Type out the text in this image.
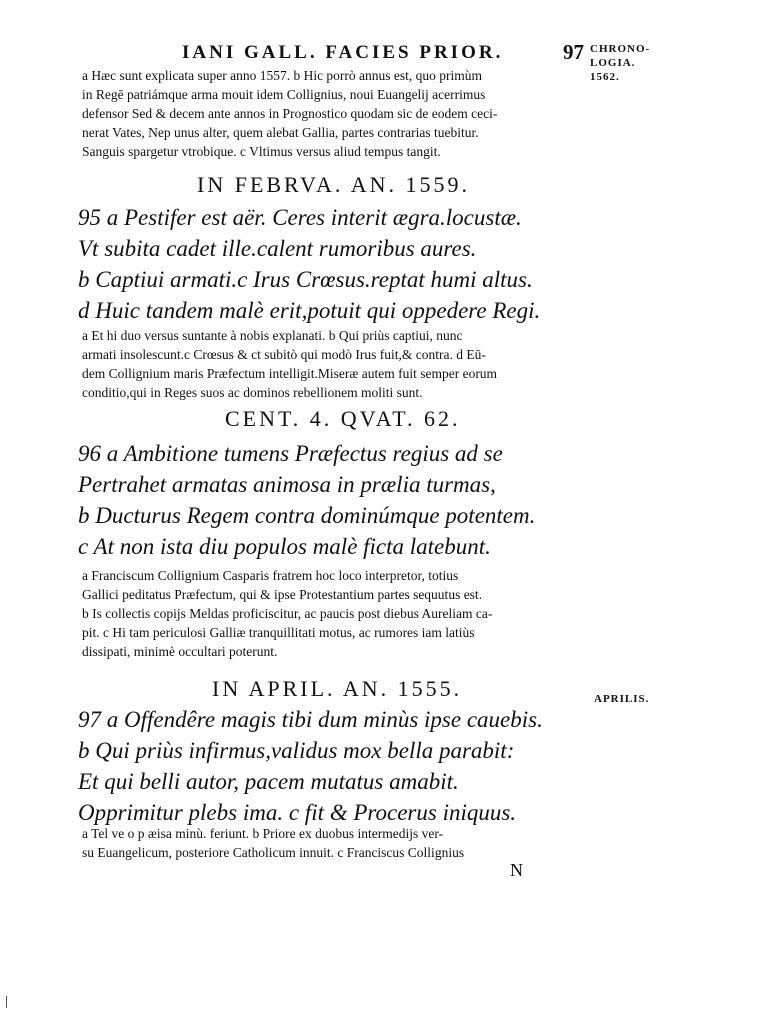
IANI GALL. FACIES PRIOR.	97 CHRONO-
LOGIA.
1562.
a Hæc sunt explicata super anno 1557. b Hic porrò annus est, quo primùm
in Regē patriámque arma mouit idem Collignius, noui Euangelij acerrimus
defensor Sed & decem ante annos in Prognostico quodam sic de eodem ceci-
nerat Vates, Nep unus alter, quem alebat Gallia, partes contrarias tuebitur.
Sanguis spargetur vtrobique. c Vltimus versus aliud tempus tangit.
IN FEBRVA. AN. 1559.
95 a Pestifer est aër. Ceres interit ægra.locustæ.
Vt subita cadet ille.calent rumoribus aures.
b Captiui armati.c Irus Crœsus.reptat humi altus.
d Huic tandem malè erit,potuit qui oppedere Regi.
a Et hi duo versus suntante à nobis explanati. b Qui priùs captiui, nunc
armati insolescunt.c Crœsus & ct subitò qui modò Irus fuit,& contra. d Eū-
dem Collignium maris Præfectum intelligit.Miseræ autem fuit semper eorum
conditio,qui in Reges suos ac dominos rebellionem moliti sunt.
CENT. 4. QVAT. 62.
96 a Ambitione tumens Præfectus regius ad se
Pertrahet armatas animosa in prælia turmas,
b Ducturus Regem contra dominúmque potentem.
c At non ista diu populos malè ficta latebunt.
a Franciscum Collignium Casparis fratrem hoc loco interpretor, totius
Gallici peditatus Præfectum, qui & ipse Protestantium partes sequutus est.
b Is collectis copijs Meldas proficiscitur, ac paucis post diebus Aureliam ca-
pit. c Hi tam periculosi Galliæ tranquillitati motus, ac rumores iam latiùs
dissipati, minimè occultari poterunt.
IN APRIL. AN. 1555.	APRILIS.
97 a Offendêre magis tibi dum minùs ipse cauebis.
b Qui priùs infirmus,validus mox bella parabit:
Et qui belli autor, pacem mutatus amabit.
Opprimitur plebs ima. c fit & Procerus iniquus.
a Tel ve o p æisa minù. feriunt. b Priore ex duobus intermedijs ver-
su Euangelicum, posteriore Catholicum innuit. c Franciscus Collignius
N
